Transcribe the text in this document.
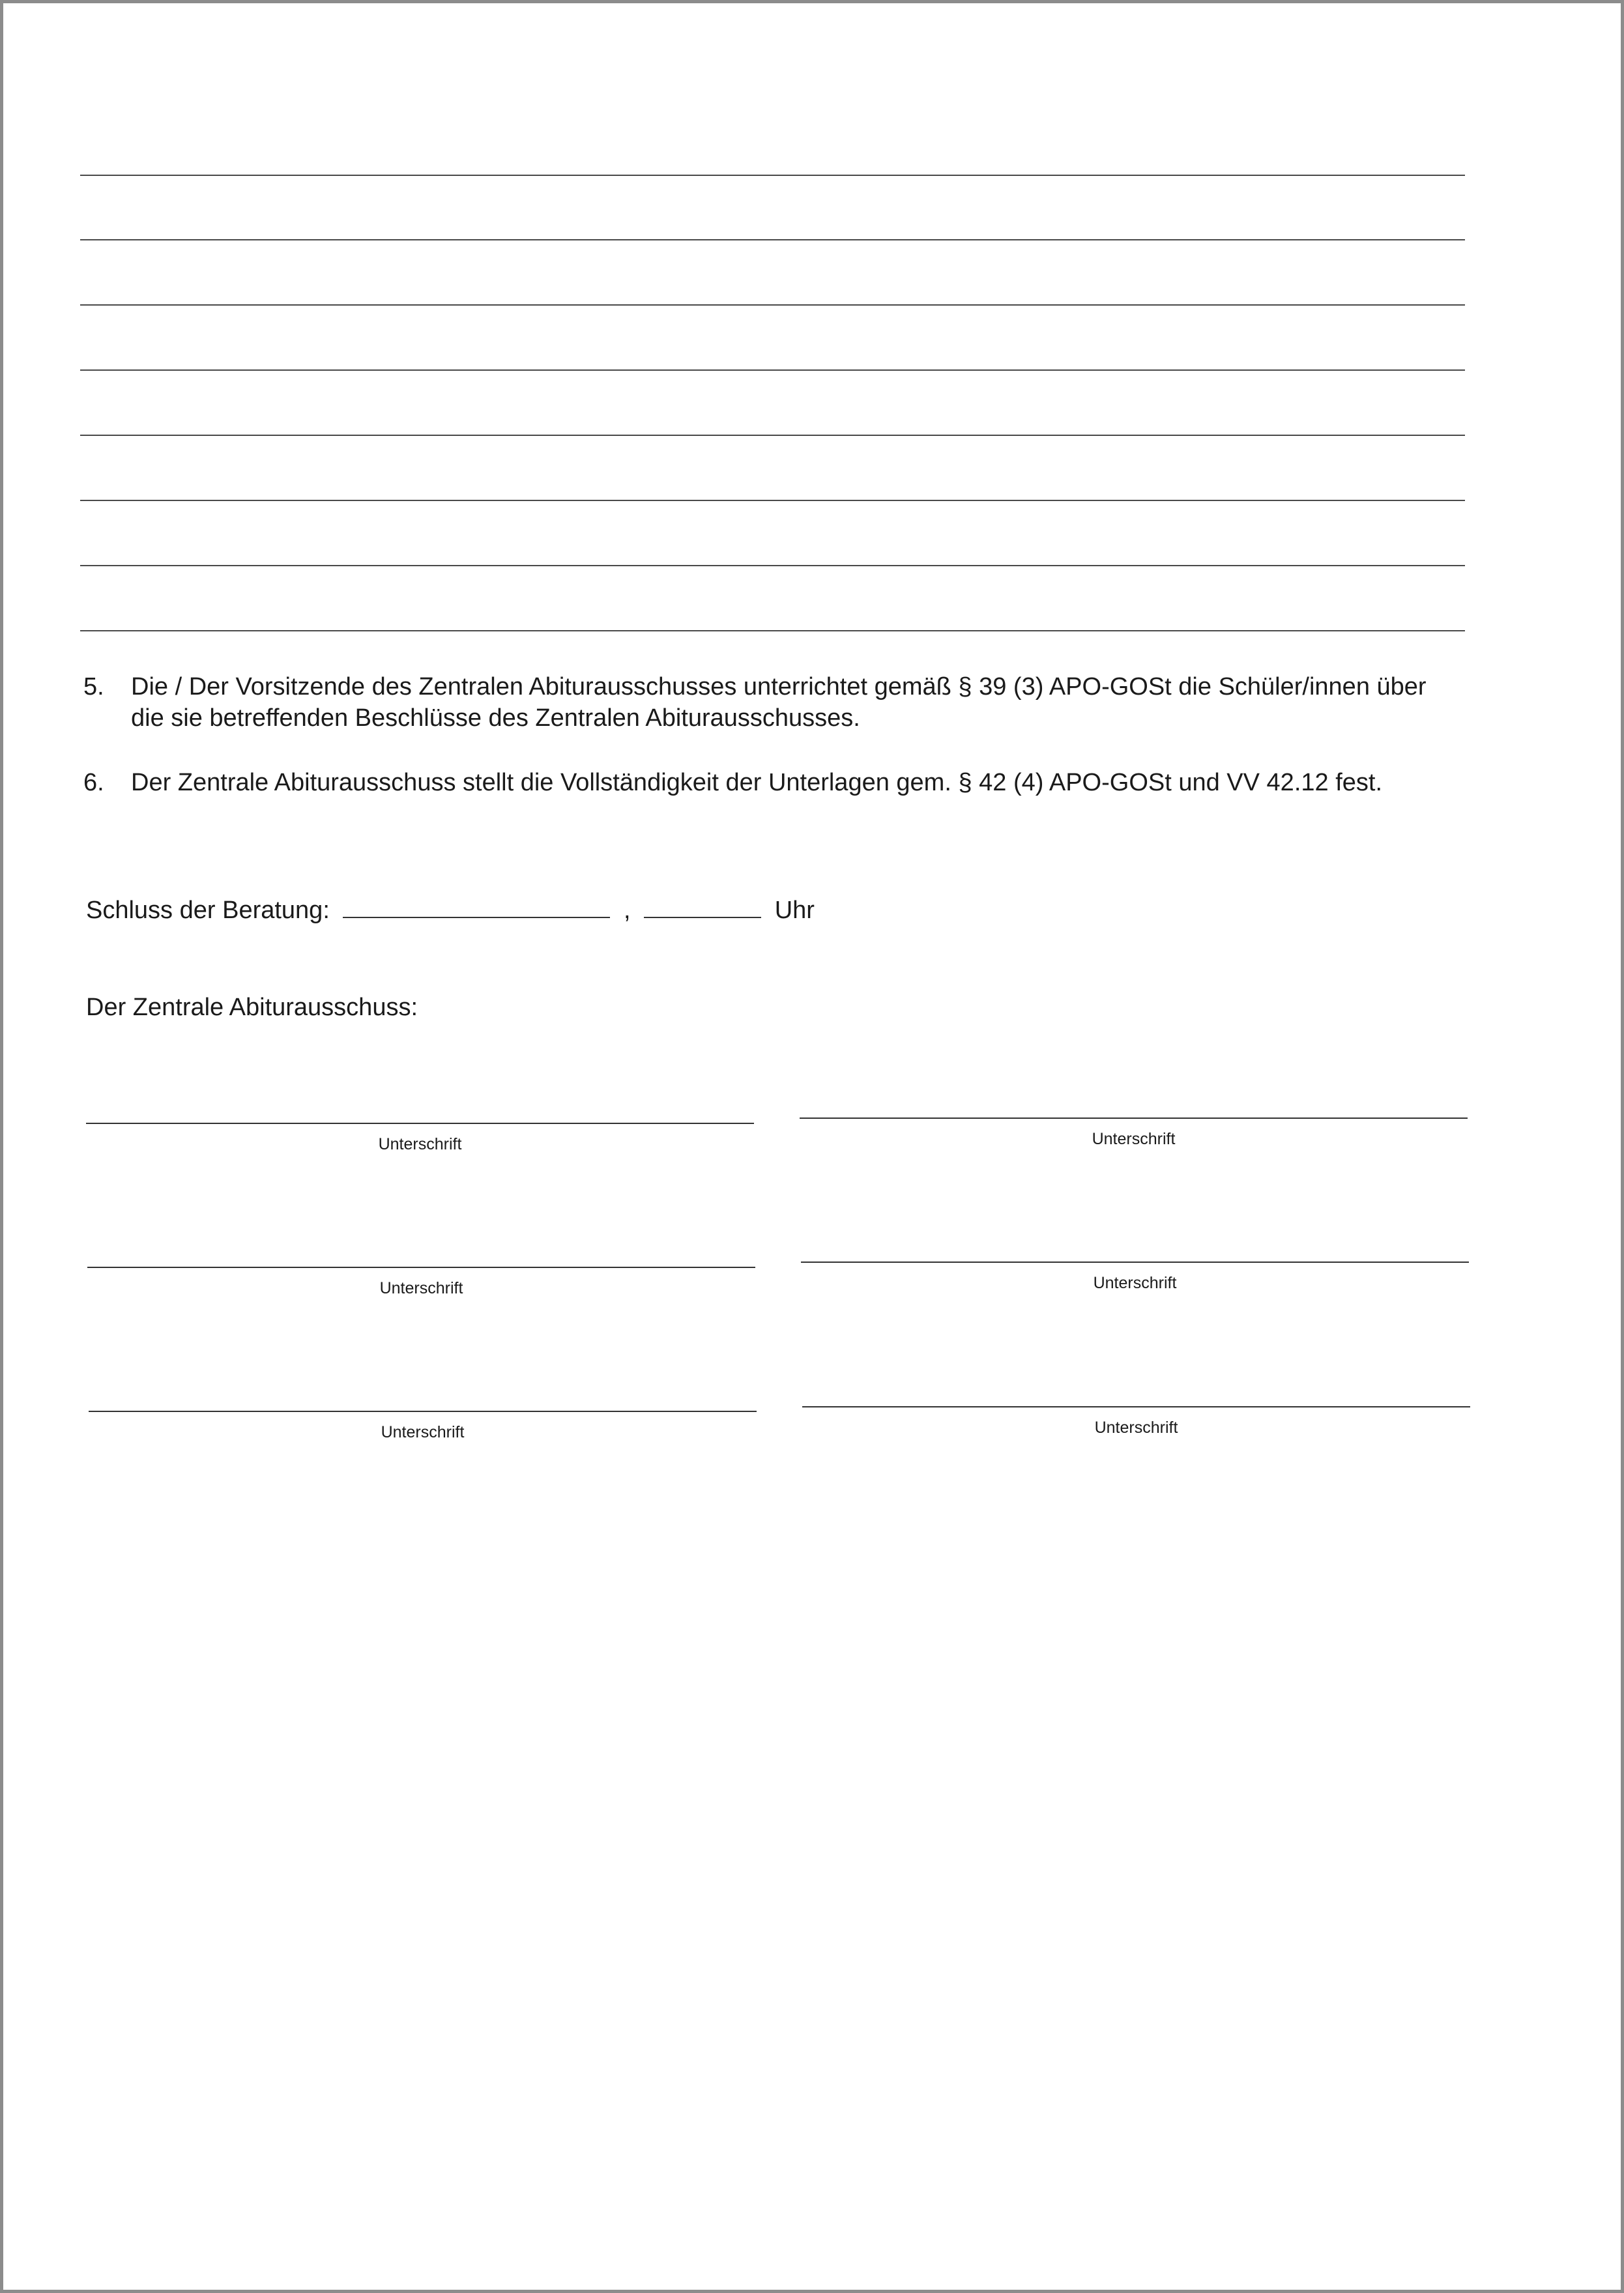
5. Die / Der Vorsitzende des Zentralen Abiturausschusses unterrichtet gemäß § 39 (3) APO-GOSt die Schüler/innen über
die sie betreffenden Beschlüsse des Zentralen Abiturausschusses.
6. Der Zentrale Abiturausschuss stellt die Vollständigkeit der Unterlagen gem. § 42 (4) APO-GOSt und VV 42.12 fest.
Schluss der Beratung:	,	Uhr
Der Zentrale Abiturausschuss:
Unterschrift	Unterschrift
Unterschrift	Unterschrift
Unterschrift	Unterschrift
